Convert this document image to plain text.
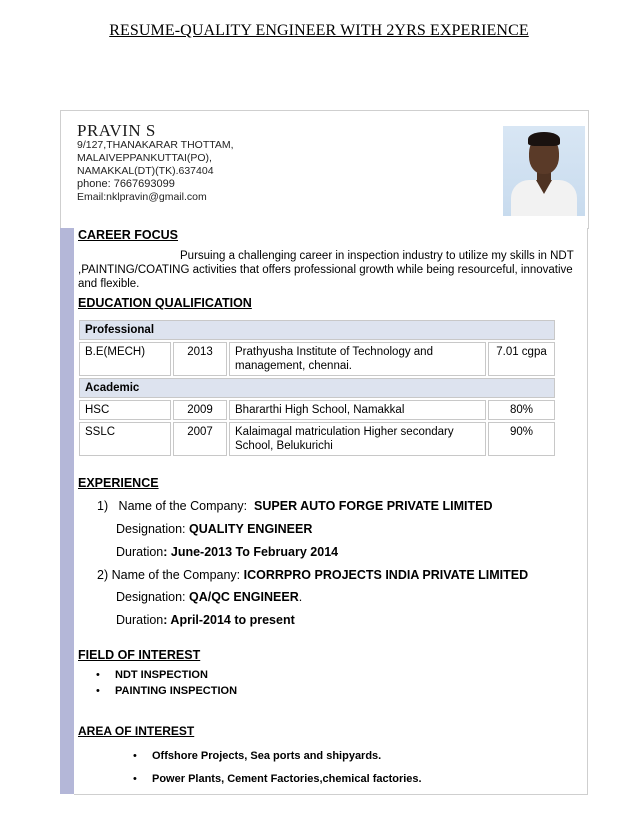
RESUME-QUALITY ENGINEER WITH 2YRS EXPERIENCE
PRAVIN S
9/127,THANAKARAR THOTTAM,
MALAIVEPPANKUTTAI(PO),
NAMAKKAL(DT)(TK).637404
phone: 7667693099
Email:nklpravin@gmail.com
CAREER FOCUS
Pursuing a challenging career in inspection industry to utilize my skills in NDT ,PAINTING/COATING activities that offers professional growth while being resourceful, innovative and flexible.
EDUCATION QUALIFICATION
Professional			
B.E(MECH)	2013	Prathyusha Institute of Technology and management, chennai.	7.01 cgpa
Academic			
HSC	2009	Bhararthi High School, Namakkal	80%
SSLC	2007	Kalaimagal matriculation Higher secondary School, Belukurichi	90%
EXPERIENCE
1) Name of the Company: SUPER AUTO FORGE PRIVATE LIMITED
Designation: QUALITY ENGINEER
Duration: June-2013 To February 2014
2) Name of the Company: ICORRPRO PROJECTS INDIA PRIVATE LIMITED
Designation: QA/QC ENGINEER.
Duration: April-2014 to present
FIELD OF INTEREST
• NDT INSPECTION
• PAINTING INSPECTION
AREA OF INTEREST
• Offshore Projects, Sea ports and shipyards.
• Power Plants, Cement Factories,chemical factories.
